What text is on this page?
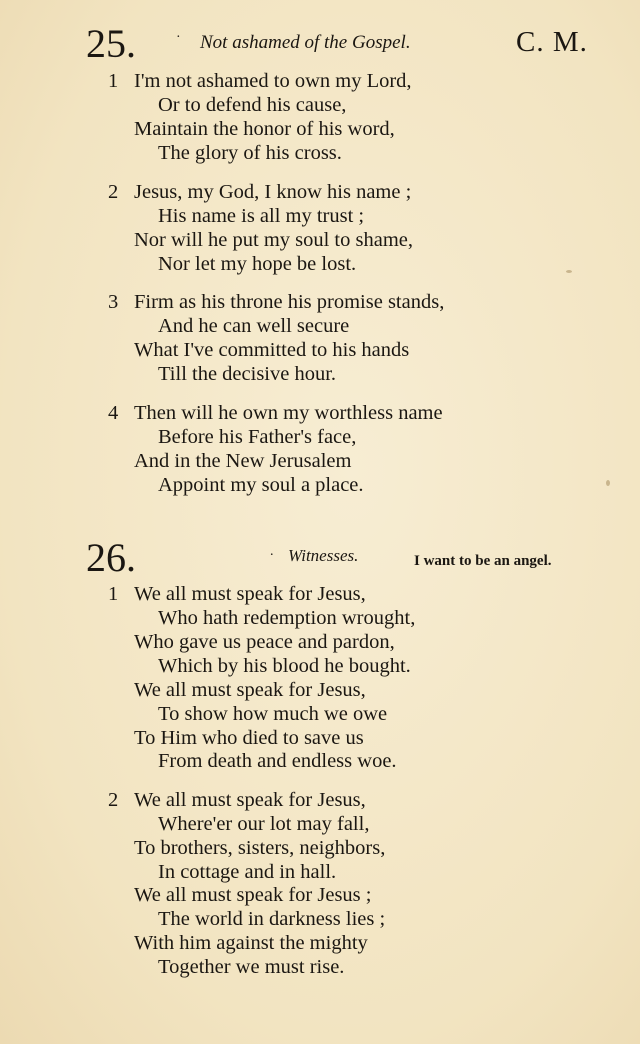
25.	· Not ashamed of the Gospel.	C. M.
1 I'm not ashamed to own my Lord,
Or to defend his cause,
Maintain the honor of his word,
The glory of his cross.
2 Jesus, my God, I know his name ;
His name is all my trust ;
Nor will he put my soul to shame,
Nor let my hope be lost.
3 Firm as his throne his promise stands,
And he can well secure
What I've committed to his hands
Till the decisive hour.
4 Then will he own my worthless name
Before his Father's face,
And in the New Jerusalem
Appoint my soul a place.
26.	. Witnesses.	I want to be an angel.
1 We all must speak for Jesus,
Who hath redemption wrought,
Who gave us peace and pardon,
Which by his blood he bought.
We all must speak for Jesus,
To show how much we owe
To Him who died to save us
From death and endless woe.
2 We all must speak for Jesus,
Where'er our lot may fall,
To brothers, sisters, neighbors,
In cottage and in hall.
We all must speak for Jesus ;
The world in darkness lies ;
With him against the mighty
Together we must rise.
